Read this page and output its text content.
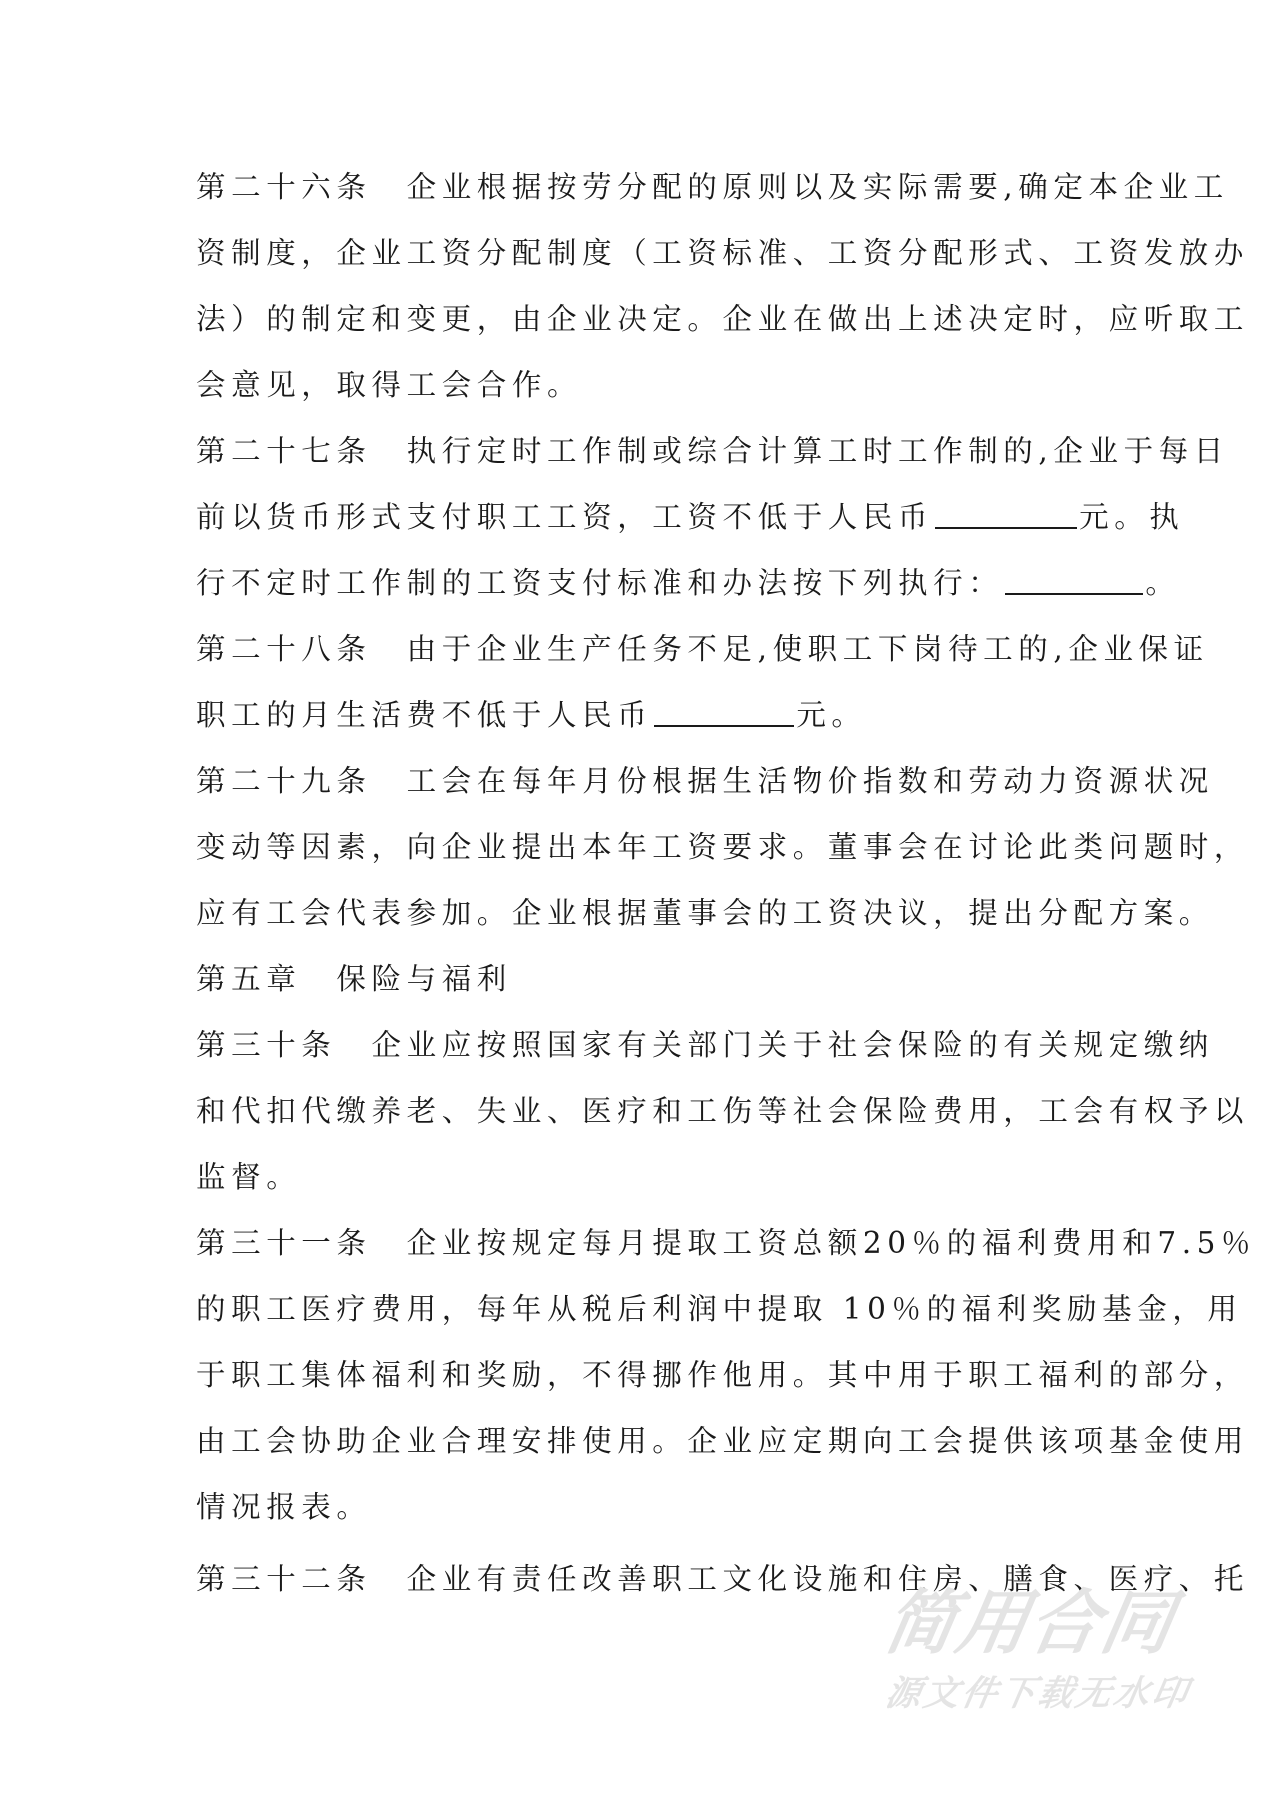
第二十六条　企业根据按劳分配的原则以及实际需要,确定本企业工
资制度，企业工资分配制度（工资标准、工资分配形式、工资发放办
法）的制定和变更，由企业决定。企业在做出上述决定时，应听取工
会意见，取得工会合作。
第二十七条　执行定时工作制或综合计算工时工作制的,企业于每日
前以货币形式支付职工工资，工资不低于人民币	元。执
行不定时工作制的工资支付标准和办法按下列执行：	。
第二十八条　由于企业生产任务不足,使职工下岗待工的,企业保证
职工的月生活费不低于人民币	元。
第二十九条　工会在每年月份根据生活物价指数和劳动力资源状况
变动等因素，向企业提出本年工资要求。董事会在讨论此类问题时，
应有工会代表参加。企业根据董事会的工资决议，提出分配方案。
第五章　保险与福利
第三十条　企业应按照国家有关部门关于社会保险的有关规定缴纳
和代扣代缴养老、失业、医疗和工伤等社会保险费用，工会有权予以
监督。
第三十一条　企业按规定每月提取工资总额20％的福利费用和7.5％
的职工医疗费用，每年从税后利润中提取 10％的福利奖励基金，用
于职工集体福利和奖励，不得挪作他用。其中用于职工福利的部分，
由工会协助企业合理安排使用。企业应定期向工会提供该项基金使用
情况报表。
第三十二条　企业有责任改善职工文化设施和住房、膳食、医疗、托
简用合同
源文件下载无水印
